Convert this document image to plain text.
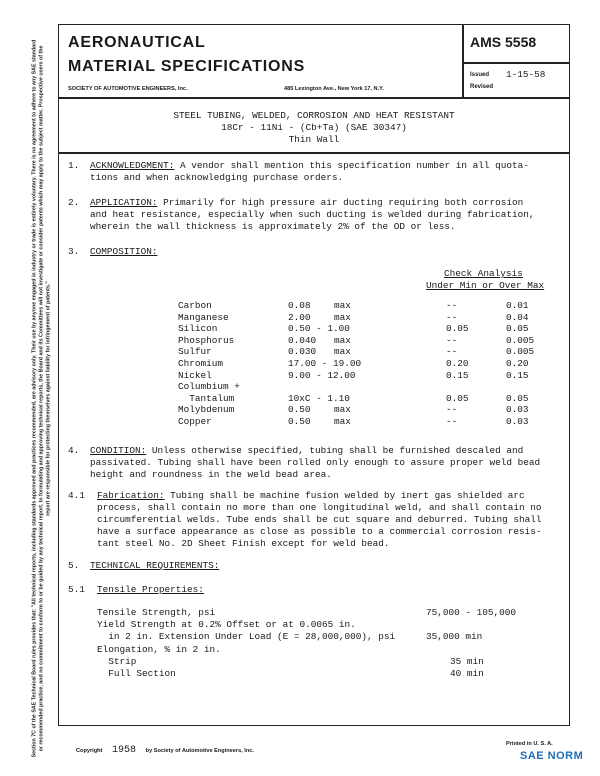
Section 7C of the SAE Technical Board rules provides that: "All technical reports, including standards approved and practices recommended, are advisory only. Their use by anyone engaged in industry or trade is entirely voluntary. There is no agreement to adhere to any SAE standard or recommended practice, and no commitment to conform to or be guided by any technical report. In formulating and approving technical reports, the Board and its Committees will not investigate or consider patents which may apply to the subject matter. Prospective users of the report are responsible for protecting themselves against liability for infringement of patents."
AERONAUTICAL
MATERIAL SPECIFICATIONS
SOCIETY OF AUTOMOTIVE ENGINEERS, Inc.	485 Lexington Ave., New York 17, N.Y.
AMS 5558
Issued 1-15-58
Revised
STEEL TUBING, WELDED, CORROSION AND HEAT RESISTANT
18Cr - 11Ni - (Cb+Ta) (SAE 30347)
Thin Wall
1. ACKNOWLEDGMENT: A vendor shall mention this specification number in all quota-
tions and when acknowledging purchase orders.
2. APPLICATION: Primarily for high pressure air ducting requiring both corrosion
and heat resistance, especially when such ducting is welded during fabrication,
wherein the wall thickness is approximately 2% of the OD or less.
3. COMPOSITION:
Check Analysis
Under Min or Over Max
Carbon	0.08 max	--	0.01
Manganese	2.00 max	--	0.04
Silicon	0.50 - 1.00	0.05	0.05
Phosphorus	0.040 max	--	0.005
Sulfur	0.030 max	--	0.005
Chromium	17.00 - 19.00	0.20	0.20
Nickel	9.00 - 12.00	0.15	0.15
Columbium +
Tantalum	10xC - 1.10	0.05	0.05
Molybdenum	0.50 max	--	0.03
Copper	0.50 max	--	0.03
4. CONDITION: Unless otherwise specified, tubing shall be furnished descaled and
passivated. Tubing shall have been rolled only enough to assure proper weld bead
height and roundness in the weld bead area.
4.1 Fabrication: Tubing shall be machine fusion welded by inert gas shielded arc
process, shall contain no more than one longitudinal weld, and shall contain no
circumferential welds. Tube ends shall be cut square and deburred. Tubing shall
have a surface appearance as close as possible to a commercial corrosion resis-
tant steel No. 2D Sheet Finish except for weld bead.
5. TECHNICAL REQUIREMENTS:
5.1 Tensile Properties:
Tensile Strength, psi	75,000 - 105,000
Yield Strength at 0.2% Offset or at 0.0065 in.
in 2 in. Extension Under Load (E = 28,000,000), psi	35,000 min
Elongation, % in 2 in.
Strip	35 min
Full Section	40 min
Copyright 1958 by Society of Automotive Engineers, Inc.
Printed in U. S. A.
SAE NORM
